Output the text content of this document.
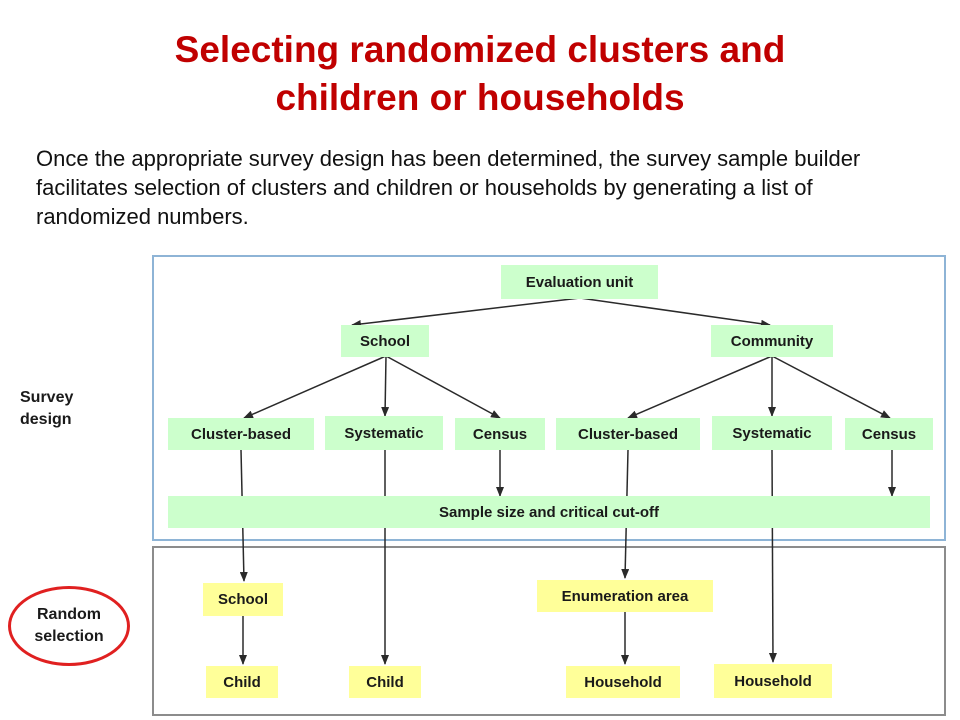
Selecting randomized clusters and
children or households

Once the appropriate survey design has been determined, the survey sample builder facilitates selection of clusters and children or households by generating a list of randomized numbers.

Survey
design
Random
selection
Evaluation unit
School	Community
Cluster-based	Systematic	Census	Cluster-based	Systematic	Census
Sample size and critical cut-off
School	Enumeration area
Child	Child	Household	Household
